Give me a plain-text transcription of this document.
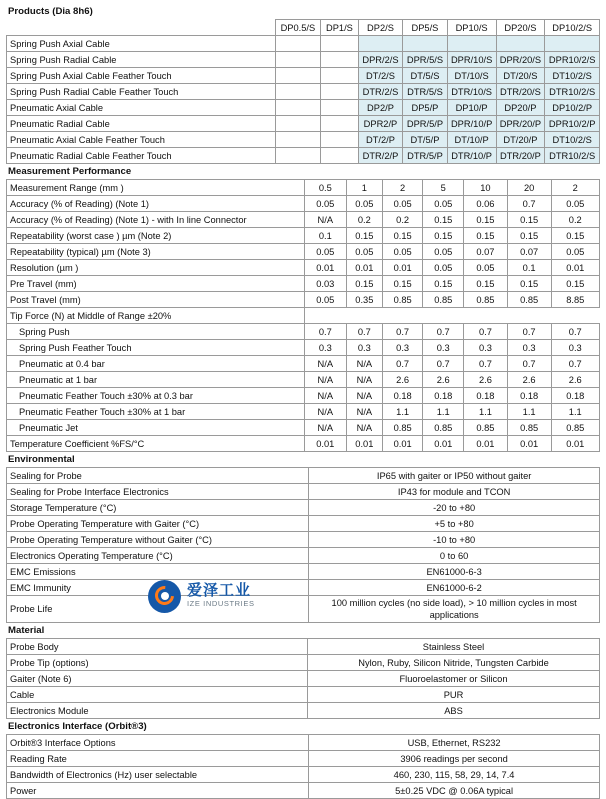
Products (Dia 8h6)
	DP0.5/S	DP1/S	DP2/S	DP5/S	DP10/S	DP20/S	DP10/2/S
Spring Push Axial Cable							
Spring Push Radial Cable			DPR/2/S	DPR/5/S	DPR/10/S	DPR/20/S	DPR10/2/S
Spring Push Axial Cable Feather Touch			DT/2/S	DT/5/S	DT/10/S	DT/20/S	DT10/2/S
Spring Push Radial Cable Feather Touch			DTR/2/S	DTR/5/S	DTR/10/S	DTR/20/S	DTR10/2/S
Pneumatic Axial Cable			DP2/P	DP5/P	DP10/P	DP20/P	DP10/2/P
Pneumatic Radial Cable			DPR2/P	DPR/5/P	DPR/10/P	DPR/20/P	DPR10/2/P
Pneumatic Axial Cable Feather Touch			DT/2/P	DT/5/P	DT/10/P	DT/20/P	DT10/2/S
Pneumatic Radial Cable Feather Touch			DTR/2/P	DTR/5/P	DTR/10/P	DTR/20/P	DTR10/2/S
Measurement Performance
Measurement Range (mm )	0.5	1	2	5	10	20	2
Accuracy (% of Reading) (Note 1)	0.05	0.05	0.05	0.05	0.06	0.7	0.05
Accuracy (% of Reading) (Note 1) - with In line Connector	N/A	0.2	0.2	0.15	0.15	0.15	0.2
Repeatability (worst case ) µm (Note 2)	0.1	0.15	0.15	0.15	0.15	0.15	0.15
Repeatability (typical) µm (Note 3)	0.05	0.05	0.05	0.05	0.07	0.07	0.05
Resolution (µm )	0.01	0.01	0.01	0.05	0.05	0.1	0.01
Pre Travel (mm)	0.03	0.15	0.15	0.15	0.15	0.15	0.15
Post Travel (mm)	0.05	0.35	0.85	0.85	0.85	0.85	8.85
Tip Force (N) at Middle of Range ±20%							
Spring Push	0.7	0.7	0.7	0.7	0.7	0.7	0.7
Spring Push Feather Touch	0.3	0.3	0.3	0.3	0.3	0.3	0.3
Pneumatic at 0.4 bar	N/A	N/A	0.7	0.7	0.7	0.7	0.7
Pneumatic at 1 bar	N/A	N/A	2.6	2.6	2.6	2.6	2.6
Pneumatic Feather Touch ±30% at 0.3 bar	N/A	N/A	0.18	0.18	0.18	0.18	0.18
Pneumatic Feather Touch ±30% at 1 bar	N/A	N/A	1.1	1.1	1.1	1.1	1.1
Pneumatic Jet	N/A	N/A	0.85	0.85	0.85	0.85	0.85
Temperature Coefficient %FS/°C	0.01	0.01	0.01	0.01	0.01	0.01	0.01
Environmental
Sealing for Probe	IP65 with gaiter or IP50 without gaiter
Sealing for Probe Interface Electronics	IP43 for module and TCON
Storage Temperature (°C)	-20 to +80
Probe Operating Temperature with Gaiter (°C)	+5 to +80
Probe Operating Temperature without Gaiter (°C)	-10 to +80
Electronics Operating Temperature (°C)	0 to 60
EMC Emissions	EN61000-6-3
EMC Immunity	EN61000-6-2
Probe Life	100 million cycles (no side load), > 10 million cycles in most applications
Material
Probe Body	Stainless Steel
Probe Tip (options)	Nylon, Ruby, Silicon Nitride, Tungsten Carbide
Gaiter (Note 6)	Fluoroelastomer or Silicon
Cable	PUR
Electronics Module	ABS
Electronics Interface (Orbit®3)
Orbit®3 Interface Options	USB, Ethernet, RS232
Reading Rate	3906 readings per second
Bandwidth of Electronics (Hz) user selectable	460, 230, 115, 58, 29, 14, 7.4
Power	5±0.25 VDC @ 0.06A typical
爱泽工业
IZE INDUSTRIES
